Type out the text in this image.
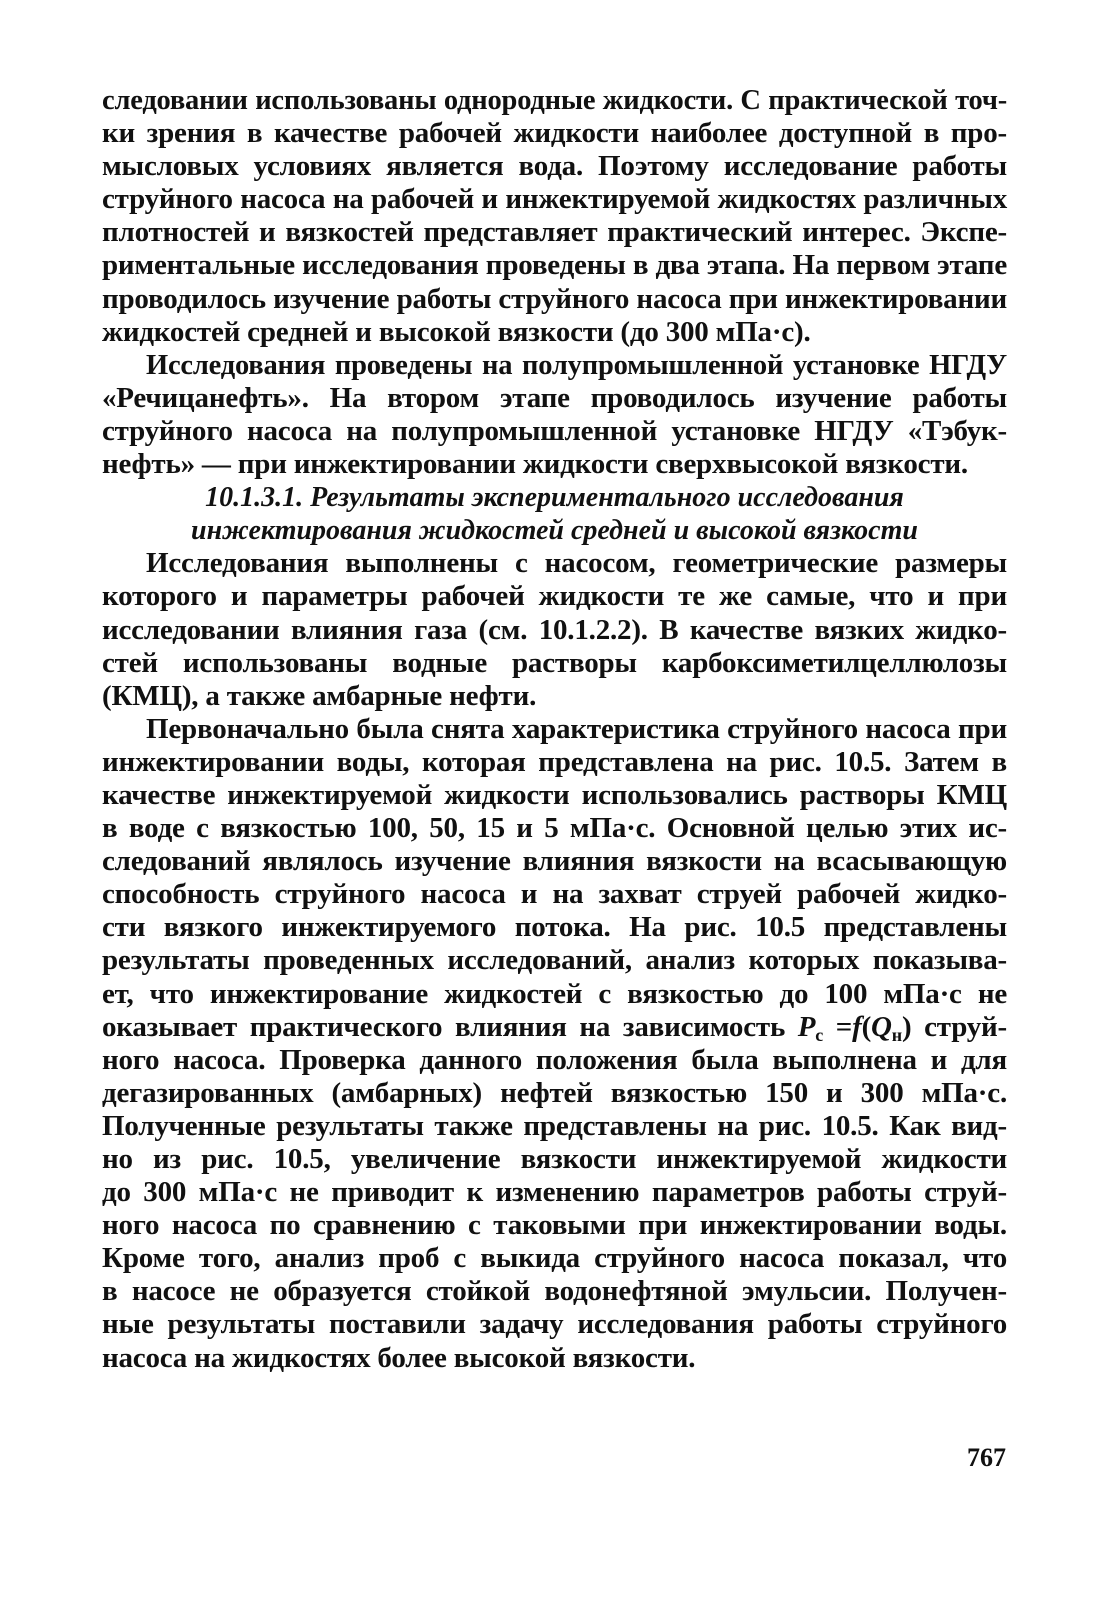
следовании использованы однородные жидкости. С практической точ-
ки зрения в качестве рабочей жидкости наиболее доступной в про-
мысловых условиях является вода. Поэтому исследование работы
струйного насоса на рабочей и инжектируемой жидкостях различных
плотностей и вязкостей представляет практический интерес. Экспе-
риментальные исследования проведены в два этапа. На первом этапе
проводилось изучение работы струйного насоса при инжектировании
жидкостей средней и высокой вязкости (до 300 мПа·с).
Исследования проведены на полупромышленной установке НГДУ
«Речицанефть». На втором этапе проводилось изучение работы
струйного насоса на полупромышленной установке НГДУ «Тэбук-
нефть» — при инжектировании жидкости сверхвысокой вязкости.
10.1.3.1. Результаты экспериментального исследования
инжектирования жидкостей средней и высокой вязкости
Исследования выполнены с насосом, геометрические размеры
которого и параметры рабочей жидкости те же самые, что и при
исследовании влияния газа (см. 10.1.2.2). В качестве вязких жидко-
стей использованы водные растворы карбоксиметилцеллюлозы
(КМЦ), а также амбарные нефти.
Первоначально была снята характеристика струйного насоса при
инжектировании воды, которая представлена на рис. 10.5. Затем в
качестве инжектируемой жидкости использовались растворы КМЦ
в воде с вязкостью 100, 50, 15 и 5 мПа·с. Основной целью этих ис-
следований являлось изучение влияния вязкости на всасывающую
способность струйного насоса и на захват струей рабочей жидко-
сти вязкого инжектируемого потока. На рис. 10.5 представлены
результаты проведенных исследований, анализ которых показыва-
ет, что инжектирование жидкостей с вязкостью до 100 мПа·с не
оказывает практического влияния на зависимость $P_с =f(Q_н)$ струй-
ного насоса. Проверка данного положения была выполнена и для
дегазированных (амбарных) нефтей вязкостью 150 и 300 мПа·с.
Полученные результаты также представлены на рис. 10.5. Как вид-
но из рис. 10.5, увеличение вязкости инжектируемой жидкости
до 300 мПа·с не приводит к изменению параметров работы струй-
ного насоса по сравнению с таковыми при инжектировании воды.
Кроме того, анализ проб с выкида струйного насоса показал, что
в насосе не образуется стойкой водонефтяной эмульсии. Получен-
ные результаты поставили задачу исследования работы струйного
насоса на жидкостях более высокой вязкости.
767
